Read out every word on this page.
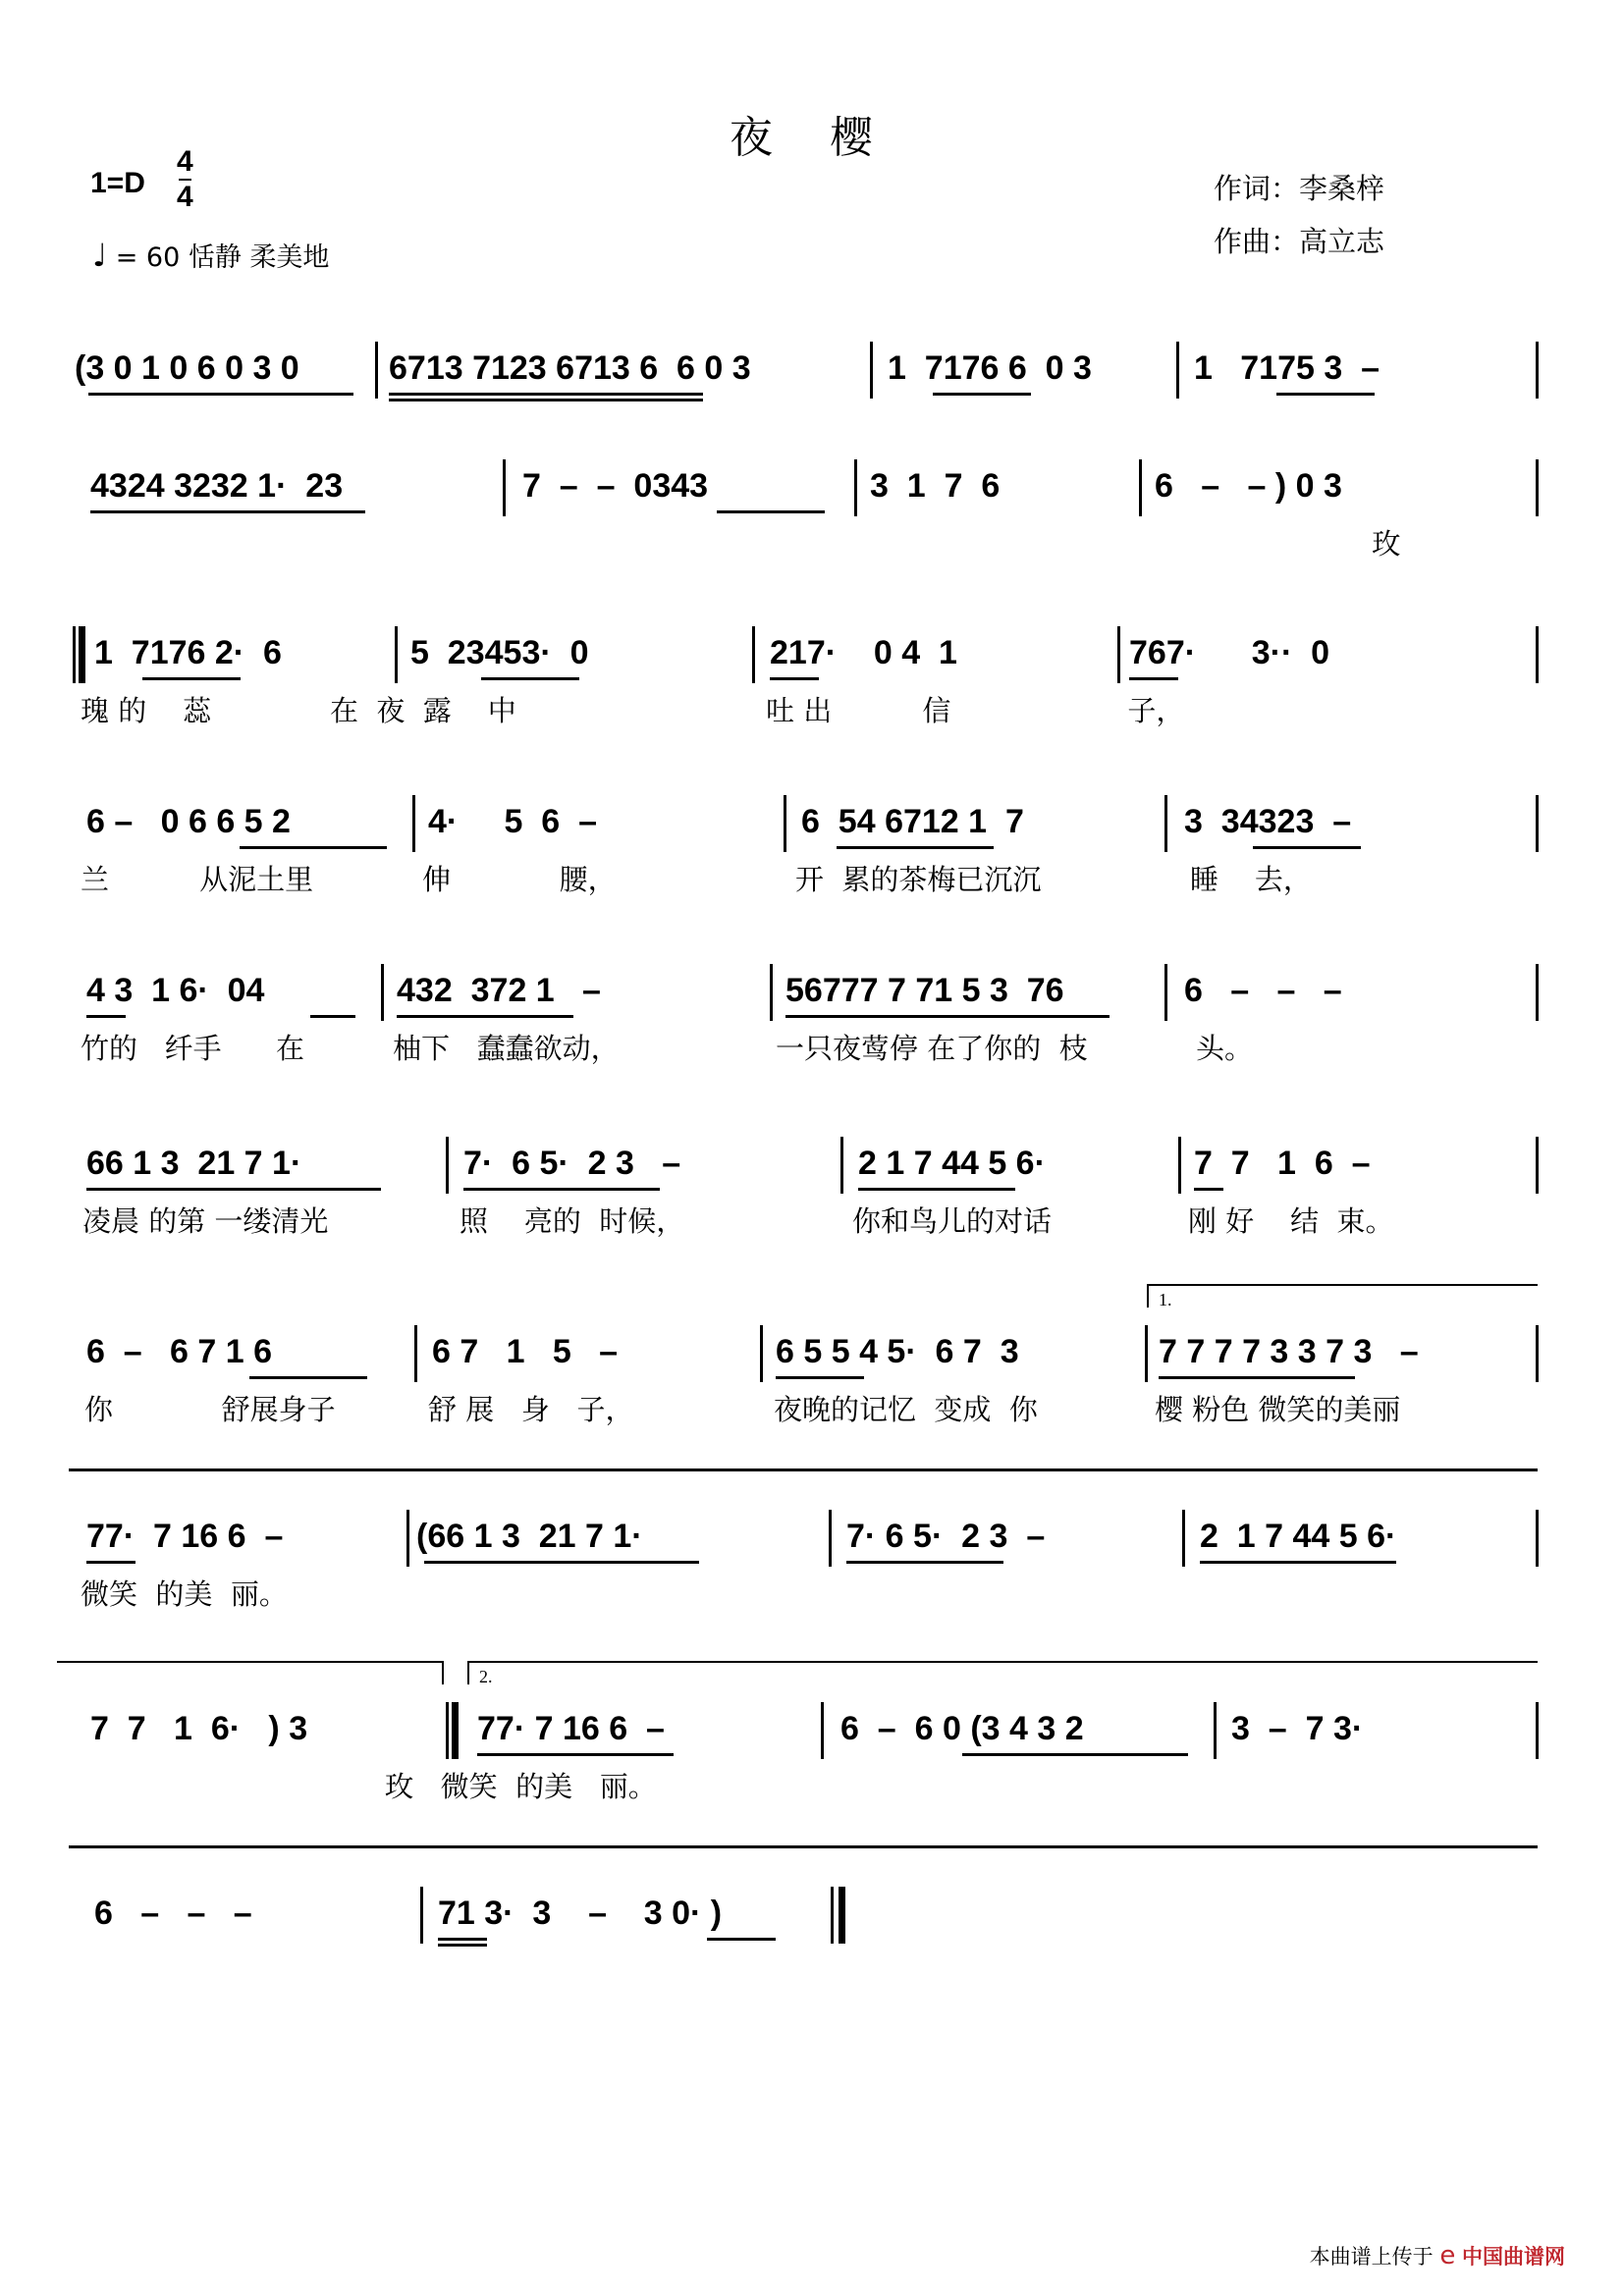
夜 樱
1=D
4
4
♩ = 60 恬静 柔美地
作词：李桑梓
作曲：高立志
(3 0 1 0 6 0 3 0	6713 7123 6713 6  6 0 3	1  7176 6  0 3	1   7175 3  –
4324 3232 1·  23	7  –  –  0343	3  1  7  6	6   –   – ) 0 3
玫
1  7176 2·  6	5  23453·  0	217·    0 4  1	767·      3··  0
瑰 的    蕊	在  夜  露    中	吐 出          信	子，
6 –   0 6 6 5 2	4·     5  6  –	6  54 6712 1  7	3  34323  –
兰          从泥土里	伸            腰，	开  累的茶梅已沉沉	睡    去，
4 3  1 6·  04	432  372 1   –	56777 7 71 5 3  76	6   –   –   –
竹的   纤手      在	柚下   蠢蠢欲动，	一只夜莺停 在了你的  枝	头。
66 1 3  21 7 1·	7·  6 5·  2 3   –	2 1 7 44 5 6·	7  7   1  6  –
凌晨 的第 一缕清光	照    亮的  时候，	你和鸟儿的对话	刚 好    结  束。
6  –   6 7 1 6	6 7   1   5   –	6 5 5 4 5·  6 7  3	7 7 7 7 3 3 7 3   –
你            舒展身子	舒 展   身   子，	夜晚的记忆  变成  你	樱 粉色 微笑的美丽
1.
77·  7 16 6  –	(66 1 3  21 7 1·	7· 6 5·  2 3  –	2  1 7 44 5 6·
微笑  的美  丽。
7  7   1  6·   ) 3
2.
77· 7 16 6  –	6  –  6 0 (3 4 3 2	3  –  7 3·
玫   微笑  的美   丽。
6   –   –   –	71 3·  3    –    3 0· )
本曲谱上传于 e 中国曲谱网
